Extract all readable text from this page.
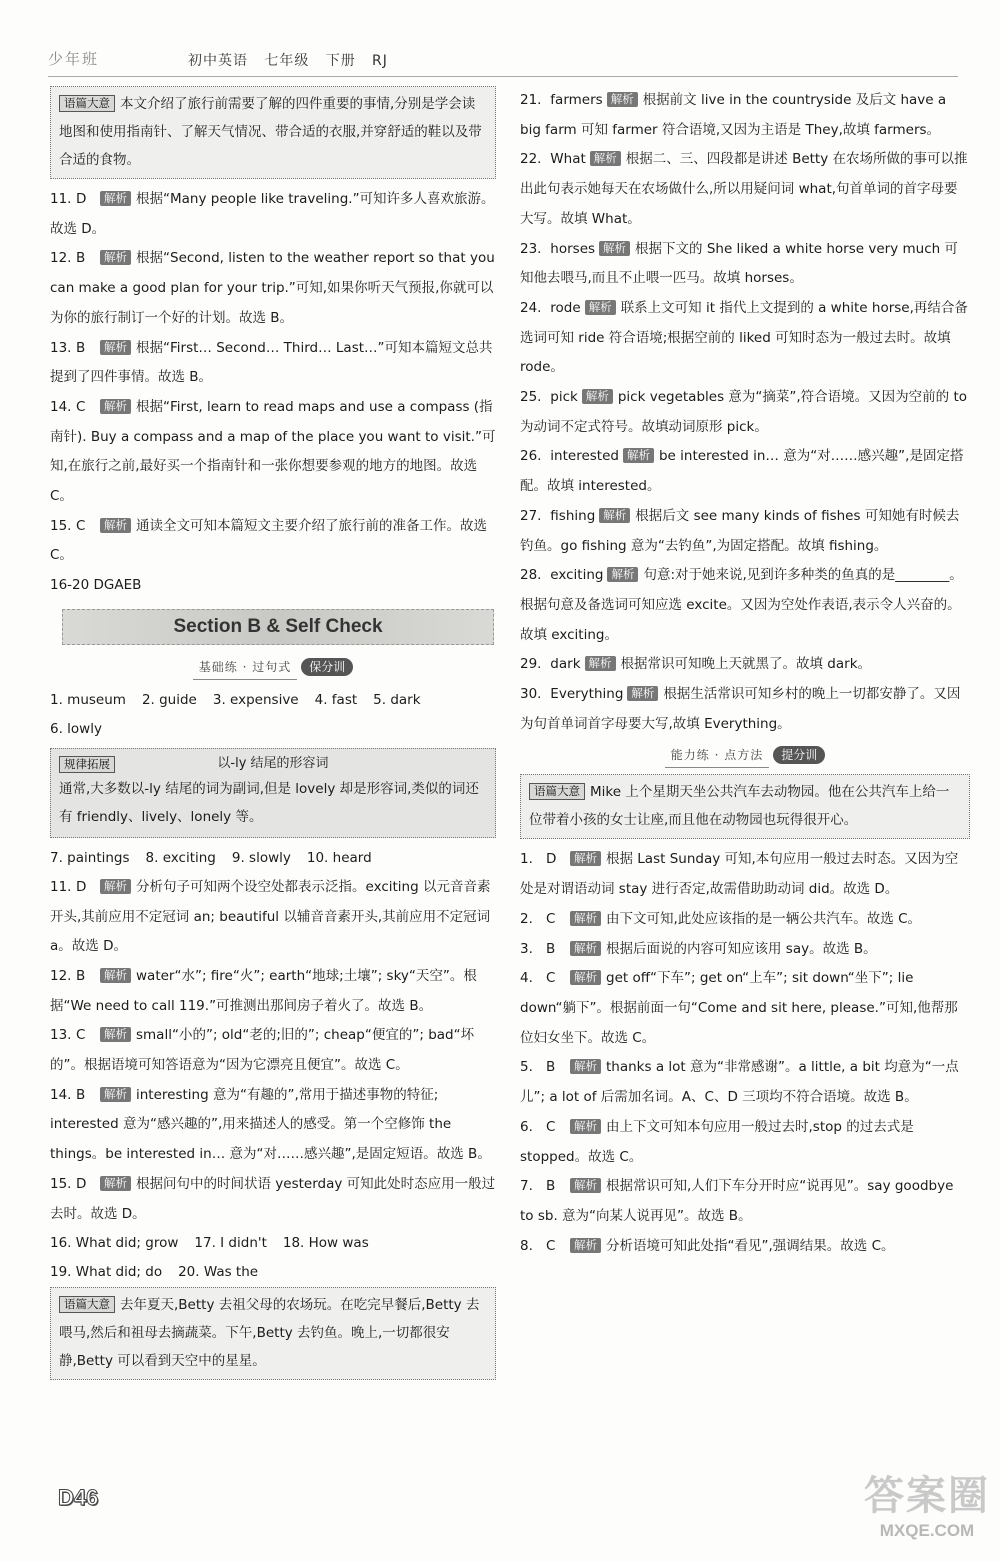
少年班	初中英语   七年级   下册   RJ
语篇大意 本文介绍了旅行前需要了解的四件重要的事情,分别是学会读地图和使用指南针、了解天气情况、带合适的衣服,并穿舒适的鞋以及带合适的食物。

11. D 解析 根据“Many people like traveling.”可知许多人喜欢旅游。故选 D。

12. B 解析 根据“Second, listen to the weather report so that you can make a good plan for your trip.”可知,如果你听天气预报,你就可以为你的旅行制订一个好的计划。故选 B。

13. B 解析 根据“First… Second… Third… Last…”可知本篇短文总共提到了四件事情。故选 B。

14. C 解析 根据“First, learn to read maps and use a compass (指南针). Buy a compass and a map of the place you want to visit.”可知,在旅行之前,最好买一个指南针和一张你想要参观的地方的地图。故选 C。

15. C 解析 通读全文可知本篇短文主要介绍了旅行前的准备工作。故选 C。

16-20 DGAEB

Section B & Self Check
基础练 · 过句式 保分训
1. museum 2. guide 3. expensive 4. fast 5. dark
6. lowly
规律拓展	以-ly 结尾的形容词
通常,大多数以-ly 结尾的词为副词,但是 lovely 却是形容词,类似的词还有 friendly、lively、lonely 等。
7. paintings 8. exciting 9. slowly 10. heard

11. D 解析 分析句子可知两个设空处都表示泛指。exciting 以元音音素开头,其前应用不定冠词 an; beautiful 以辅音音素开头,其前应用不定冠词 a。故选 D。

12. B 解析 water“水”; fire“火”; earth“地球;土壤”; sky“天空”。根据“We need to call 119.”可推测出那间房子着火了。故选 B。

13. C 解析 small“小的”; old“老的;旧的”; cheap“便宜的”; bad“坏的”。根据语境可知答语意为“因为它漂亮且便宜”。故选 C。

14. B 解析 interesting 意为“有趣的”,常用于描述事物的特征; interested 意为“感兴趣的”,用来描述人的感受。第一个空修饰 the things。be interested in… 意为“对……感兴趣”,是固定短语。故选 B。

15. D 解析 根据问句中的时间状语 yesterday 可知此处时态应用一般过去时。故选 D。

16. What did; grow 17. I didn't 18. How was
19. What did; do 20. Was the
语篇大意 去年夏天,Betty 去祖父母的农场玩。在吃完早餐后,Betty 去喂马,然后和祖母去摘蔬菜。下午,Betty 去钓鱼。晚上,一切都很安静,Betty 可以看到天空中的星星。

21. farmers 解析 根据前文 live in the countryside 及后文 have a big farm 可知 farmer 符合语境,又因为主语是 They,故填 farmers。

22. What 解析 根据二、三、四段都是讲述 Betty 在农场所做的事可以推出此句表示她每天在农场做什么,所以用疑问词 what,句首单词的首字母要大写。故填 What。

23. horses 解析 根据下文的 She liked a white horse very much 可知他去喂马,而且不止喂一匹马。故填 horses。

24. rode 解析 联系上文可知 it 指代上文提到的 a white horse,再结合备选词可知 ride 符合语境;根据空前的 liked 可知时态为一般过去时。故填 rode。

25. pick 解析 pick vegetables 意为“摘菜”,符合语境。又因为空前的 to 为动词不定式符号。故填动词原形 pick。

26. interested 解析 be interested in… 意为“对……感兴趣”,是固定搭配。故填 interested。

27. fishing 解析 根据后文 see many kinds of fishes 可知她有时候去钓鱼。go fishing 意为“去钓鱼”,为固定搭配。故填 fishing。

28. exciting 解析 句意:对于她来说,见到许多种类的鱼真的是________。根据句意及备选词可知应选 excite。又因为空处作表语,表示令人兴奋的。故填 exciting。

29. dark 解析 根据常识可知晚上天就黑了。故填 dark。

30. Everything 解析 根据生活常识可知乡村的晚上一切都安静了。又因为句首单词首字母要大写,故填 Everything。

能力练 · 点方法 提分训
语篇大意 Mike 上个星期天坐公共汽车去动物园。他在公共汽车上给一位带着小孩的女士让座,而且他在动物园也玩得很开心。

1. D 解析 根据 Last Sunday 可知,本句应用一般过去时态。又因为空处是对谓语动词 stay 进行否定,故需借助助动词 did。故选 D。

2. C 解析 由下文可知,此处应该指的是一辆公共汽车。故选 C。

3. B 解析 根据后面说的内容可知应该用 say。故选 B。

4. C 解析 get off“下车”; get on“上车”; sit down“坐下”; lie down“躺下”。根据前面一句“Come and sit here, please.”可知,他帮那位妇女坐下。故选 C。

5. B 解析 thanks a lot 意为“非常感谢”。a little, a bit 均意为“一点儿”; a lot of 后需加名词。A、C、D 三项均不符合语境。故选 B。

6. C 解析 由上下文可知本句应用一般过去时,stop 的过去式是 stopped。故选 C。

7. B 解析 根据常识可知,人们下车分开时应“说再见”。say goodbye to sb. 意为“向某人说再见”。故选 B。

8. C 解析 分析语境可知此处指“看见”,强调结果。故选 C。

D46	答案圈
MXQE.COM
